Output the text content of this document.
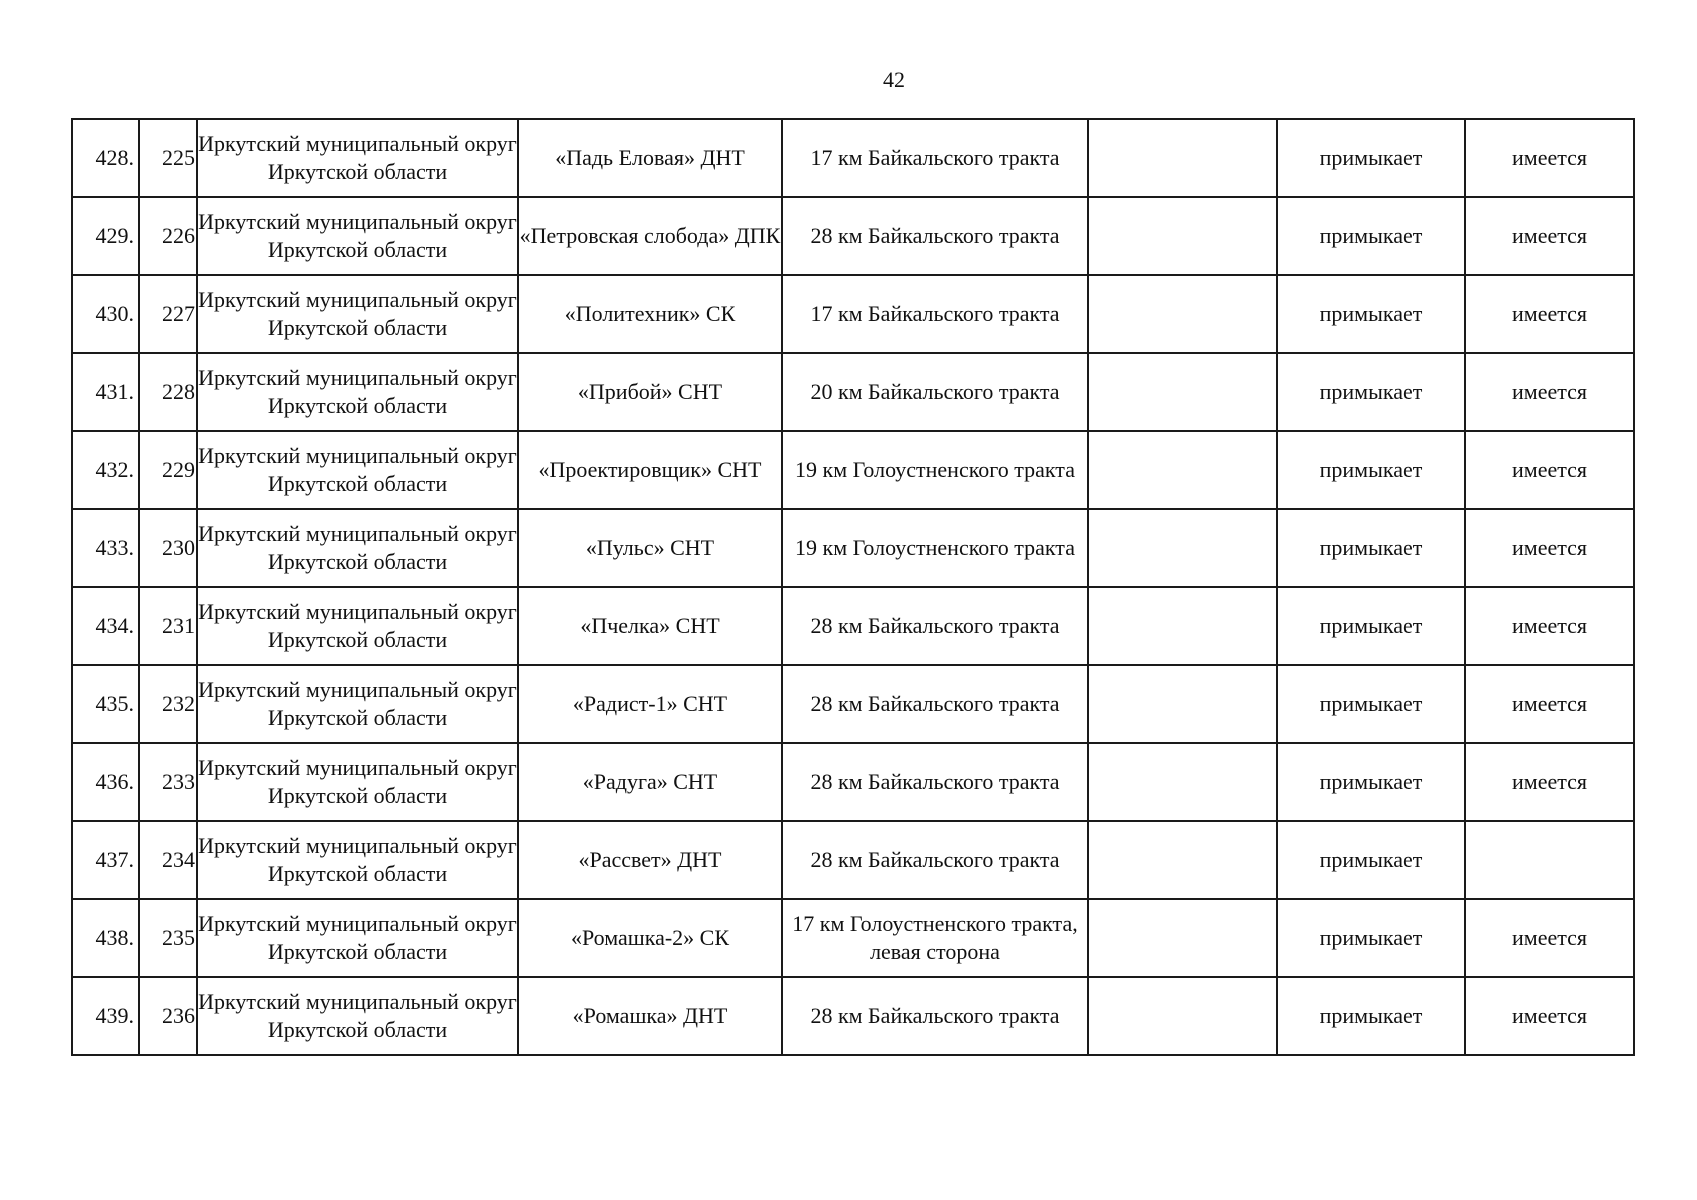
42
428.	225	Иркутский муниципальный округ Иркутской области	«Падь Еловая» ДНТ	17 км Байкальского тракта		примыкает	имеется
429.	226	Иркутский муниципальный округ Иркутской области	«Петровская слобода» ДПК	28 км Байкальского тракта		примыкает	имеется
430.	227	Иркутский муниципальный округ Иркутской области	«Политехник» СК	17 км Байкальского тракта		примыкает	имеется
431.	228	Иркутский муниципальный округ Иркутской области	«Прибой» СНТ	20 км Байкальского тракта		примыкает	имеется
432.	229	Иркутский муниципальный округ Иркутской области	«Проектировщик» СНТ	19 км Голоустненского тракта		примыкает	имеется
433.	230	Иркутский муниципальный округ Иркутской области	«Пульс» СНТ	19 км Голоустненского тракта		примыкает	имеется
434.	231	Иркутский муниципальный округ Иркутской области	«Пчелка» СНТ	28 км Байкальского тракта		примыкает	имеется
435.	232	Иркутский муниципальный округ Иркутской области	«Радист-1» СНТ	28 км Байкальского тракта		примыкает	имеется
436.	233	Иркутский муниципальный округ Иркутской области	«Радуга» СНТ	28 км Байкальского тракта		примыкает	имеется
437.	234	Иркутский муниципальный округ Иркутской области	«Рассвет» ДНТ	28 км Байкальского тракта		примыкает	
438.	235	Иркутский муниципальный округ Иркутской области	«Ромашка-2» СК	17 км Голоустненского тракта, левая сторона		примыкает	имеется
439.	236	Иркутский муниципальный округ Иркутской области	«Ромашка» ДНТ	28 км Байкальского тракта		примыкает	имеется
